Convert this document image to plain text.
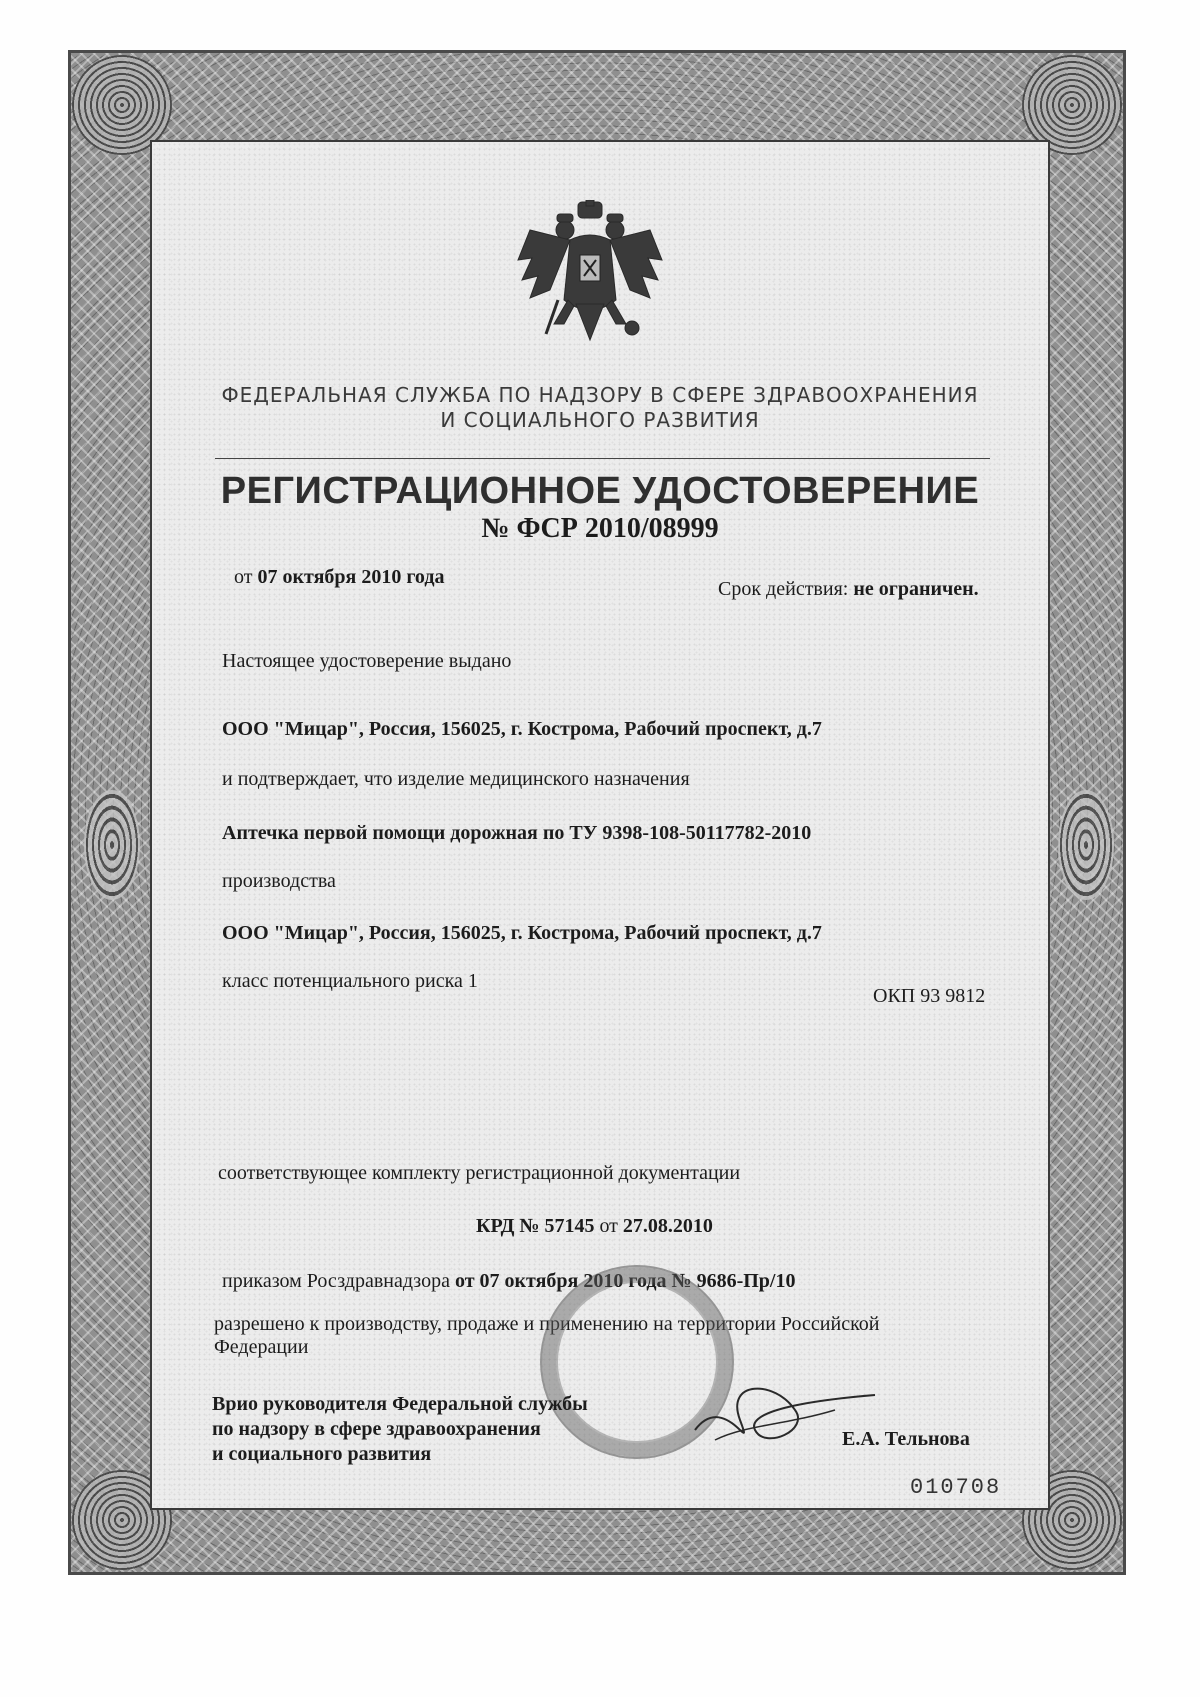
ФЕДЕРАЛЬНАЯ СЛУЖБА ПО НАДЗОРУ В СФЕРЕ ЗДРАВООХРАНЕНИЯ
И СОЦИАЛЬНОГО РАЗВИТИЯ
РЕГИСТРАЦИОННОЕ УДОСТОВЕРЕНИЕ
№ ФСР 2010/08999
от 07 октября 2010 года
Срок действия: не ограничен.
Настоящее удостоверение выдано
ООО "Мицар", Россия, 156025, г. Кострома, Рабочий проспект, д.7
и подтверждает, что изделие медицинского назначения
Аптечка первой помощи дорожная по ТУ 9398-108-50117782-2010
производства
ООО "Мицар", Россия, 156025, г. Кострома, Рабочий проспект, д.7
класс потенциального риска 1
ОКП 93 9812
соответствующее комплекту регистрационной документации
КРД № 57145 от 27.08.2010
приказом Росздравнадзора от 07 октября 2010 года № 9686-Пр/10
разрешено к производству, продаже и применению на территории Российской
Федерации
Врио руководителя Федеральной службы
по надзору в сфере здравоохранения
и социального развития
Е.А. Тельнова
010708
